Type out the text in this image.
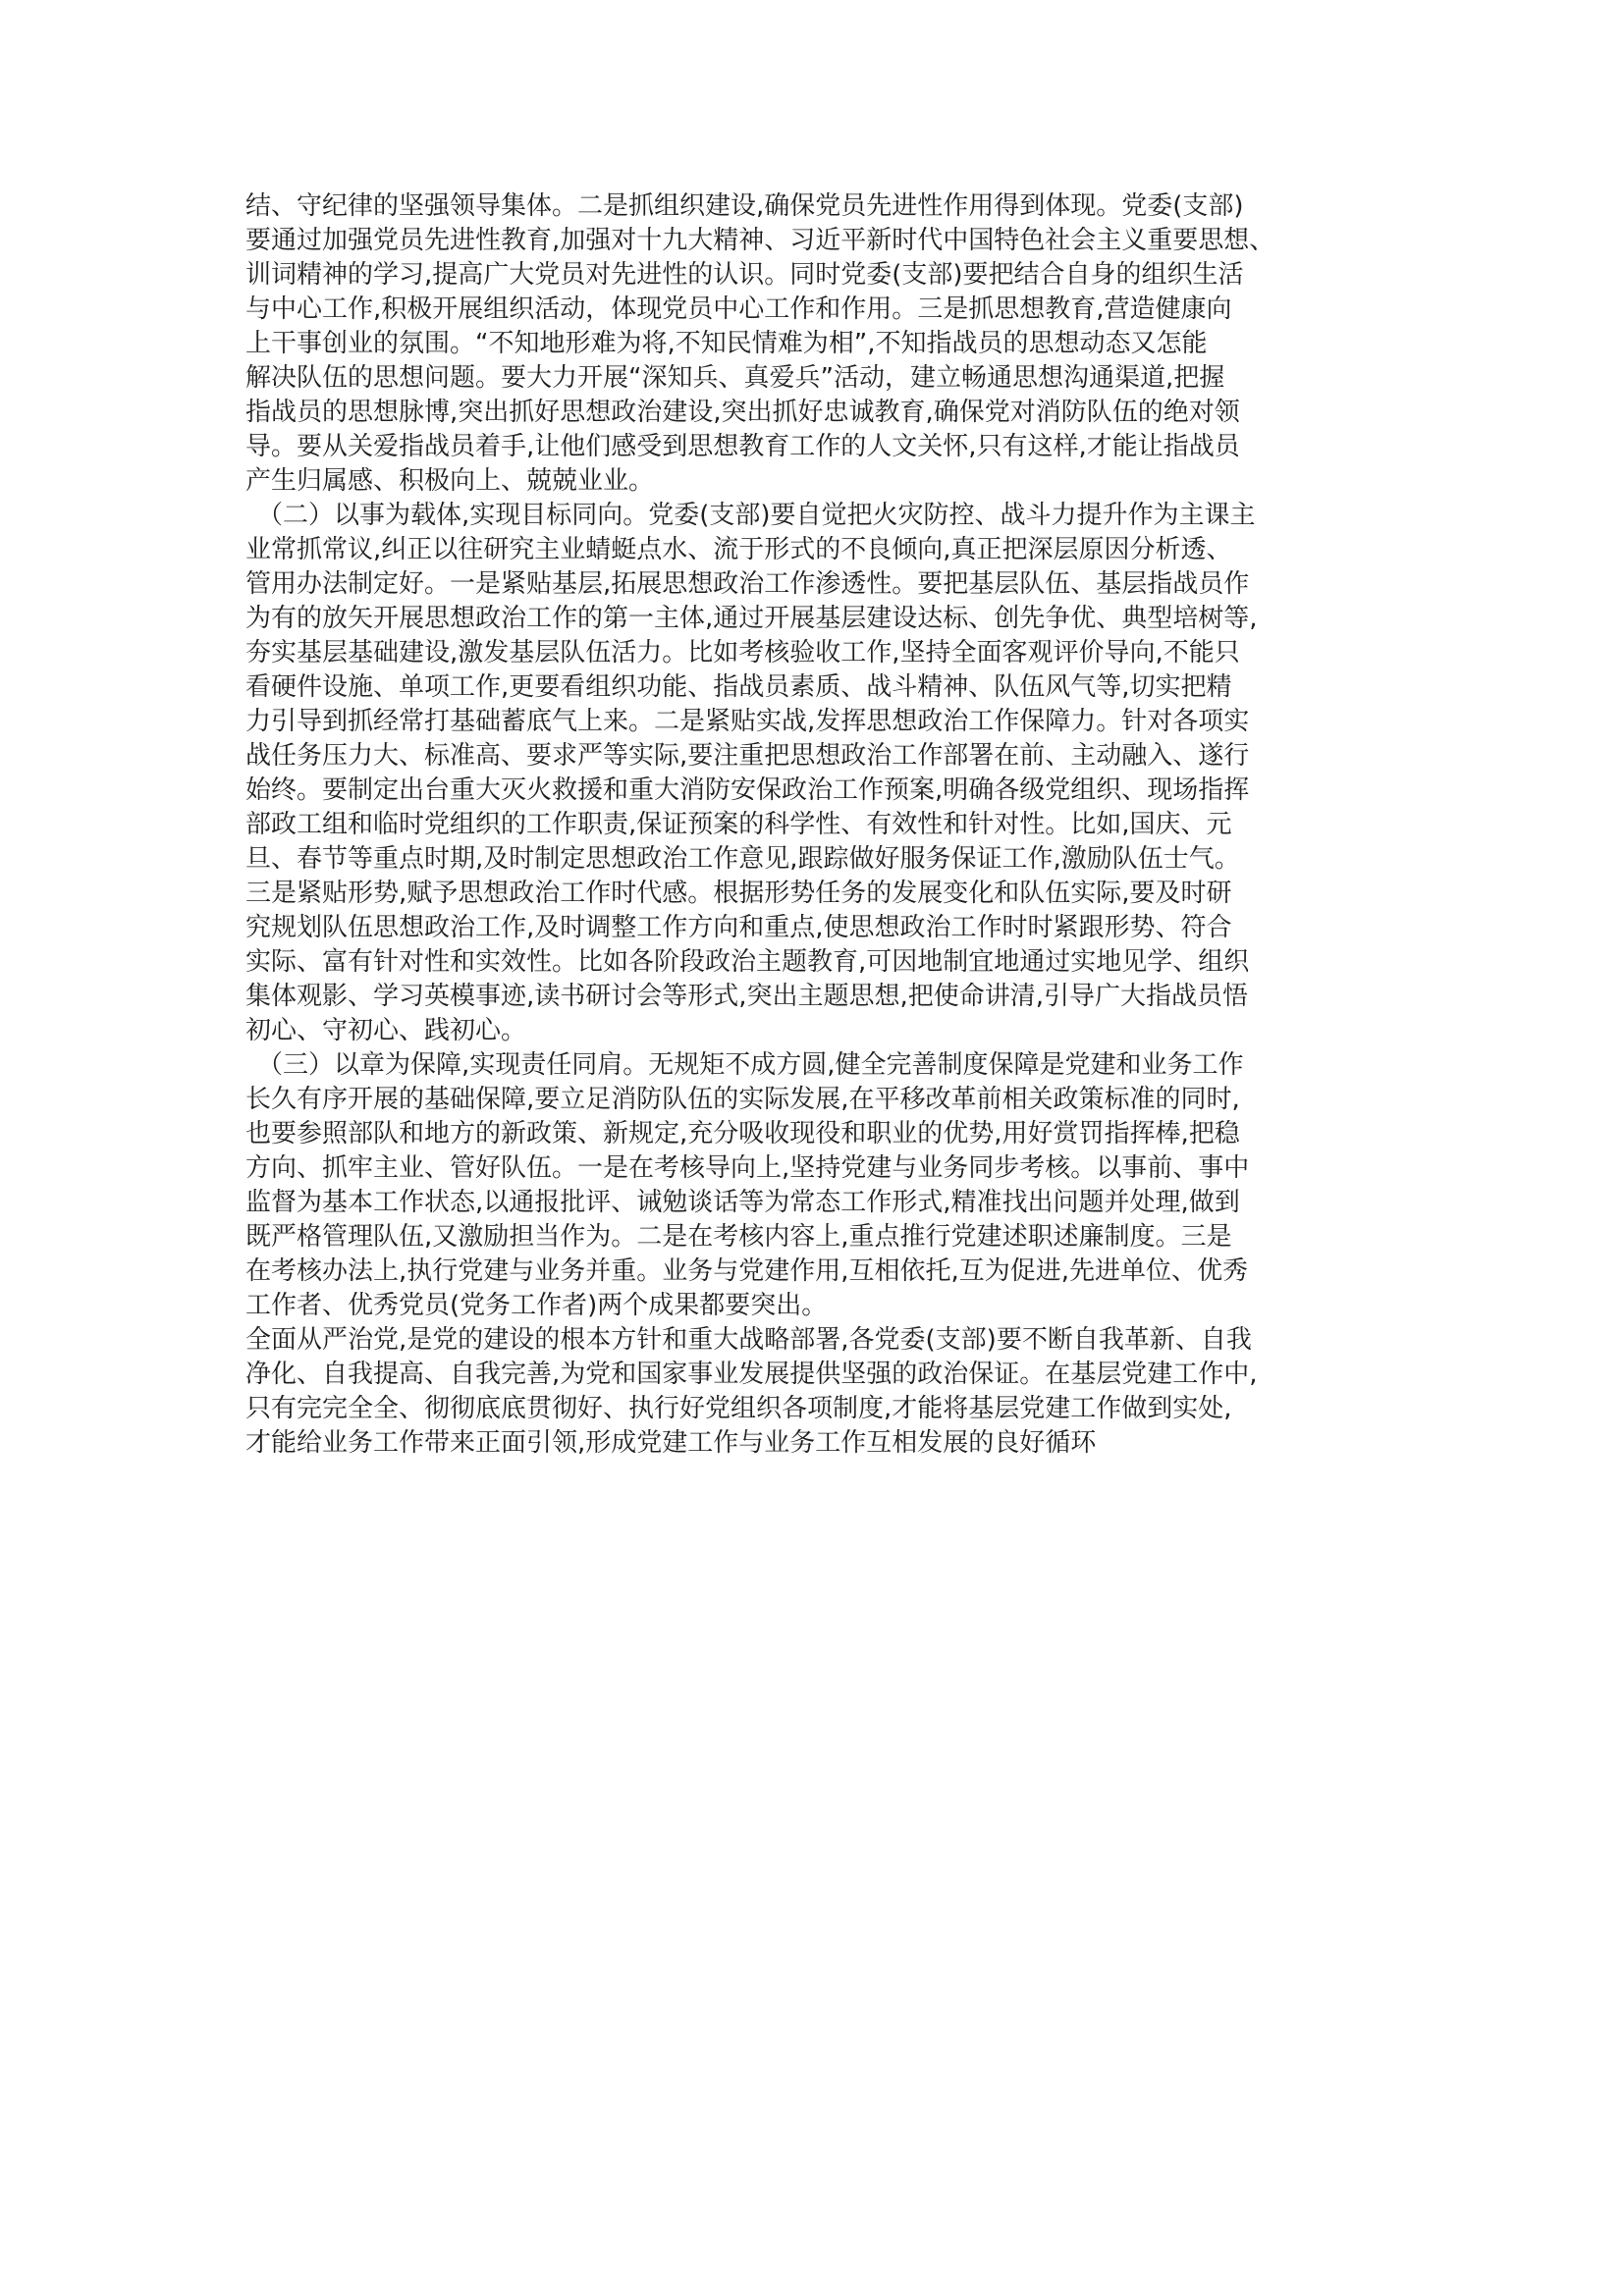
结、守纪律的坚强领导集体。二是抓组织建设,确保党员先进性作用得到体现。党委(支部)
要通过加强党员先进性教育,加强对十九大精神、习近平新时代中国特色社会主义重要思想、
训词精神的学习,提高广大党员对先进性的认识。同时党委(支部)要把结合自身的组织生活
与中心工作,积极开展组织活动，体现党员中心工作和作用。三是抓思想教育,营造健康向
上干事创业的氛围。“不知地形难为将,不知民情难为相”,不知指战员的思想动态又怎能
解决队伍的思想问题。要大力开展“深知兵、真爱兵”活动，建立畅通思想沟通渠道,把握
指战员的思想脉博,突出抓好思想政治建设,突出抓好忠诚教育,确保党对消防队伍的绝对领
导。要从关爱指战员着手,让他们感受到思想教育工作的人文关怀,只有这样,才能让指战员
产生归属感、积极向上、兢兢业业。
（二）以事为载体,实现目标同向。党委(支部)要自觉把火灾防控、战斗力提升作为主课主
业常抓常议,纠正以往研究主业蜻蜓点水、流于形式的不良倾向,真正把深层原因分析透、
管用办法制定好。一是紧贴基层,拓展思想政治工作渗透性。要把基层队伍、基层指战员作
为有的放矢开展思想政治工作的第一主体,通过开展基层建设达标、创先争优、典型培树等,
夯实基层基础建设,激发基层队伍活力。比如考核验收工作,坚持全面客观评价导向,不能只
看硬件设施、单项工作,更要看组织功能、指战员素质、战斗精神、队伍风气等,切实把精
力引导到抓经常打基础蓄底气上来。二是紧贴实战,发挥思想政治工作保障力。针对各项实
战任务压力大、标准高、要求严等实际,要注重把思想政治工作部署在前、主动融入、遂行
始终。要制定出台重大灭火救援和重大消防安保政治工作预案,明确各级党组织、现场指挥
部政工组和临时党组织的工作职责,保证预案的科学性、有效性和针对性。比如,国庆、元
旦、春节等重点时期,及时制定思想政治工作意见,跟踪做好服务保证工作,激励队伍士气。
三是紧贴形势,赋予思想政治工作时代感。根据形势任务的发展变化和队伍实际,要及时研
究规划队伍思想政治工作,及时调整工作方向和重点,使思想政治工作时时紧跟形势、符合
实际、富有针对性和实效性。比如各阶段政治主题教育,可因地制宜地通过实地见学、组织
集体观影、学习英模事迹,读书研讨会等形式,突出主题思想,把使命讲清,引导广大指战员悟
初心、守初心、践初心。
（三）以章为保障,实现责任同肩。无规矩不成方圆,健全完善制度保障是党建和业务工作
长久有序开展的基础保障,要立足消防队伍的实际发展,在平移改革前相关政策标准的同时,
也要参照部队和地方的新政策、新规定,充分吸收现役和职业的优势,用好赏罚指挥棒,把稳
方向、抓牢主业、管好队伍。一是在考核导向上,坚持党建与业务同步考核。以事前、事中
监督为基本工作状态,以通报批评、诫勉谈话等为常态工作形式,精准找出问题并处理,做到
既严格管理队伍,又激励担当作为。二是在考核内容上,重点推行党建述职述廉制度。三是
在考核办法上,执行党建与业务并重。业务与党建作用,互相依托,互为促进,先进单位、优秀
工作者、优秀党员(党务工作者)两个成果都要突出。
全面从严治党,是党的建设的根本方针和重大战略部署,各党委(支部)要不断自我革新、自我
净化、自我提高、自我完善,为党和国家事业发展提供坚强的政治保证。在基层党建工作中,
只有完完全全、彻彻底底贯彻好、执行好党组织各项制度,才能将基层党建工作做到实处,
才能给业务工作带来正面引领,形成党建工作与业务工作互相发展的良好循环
